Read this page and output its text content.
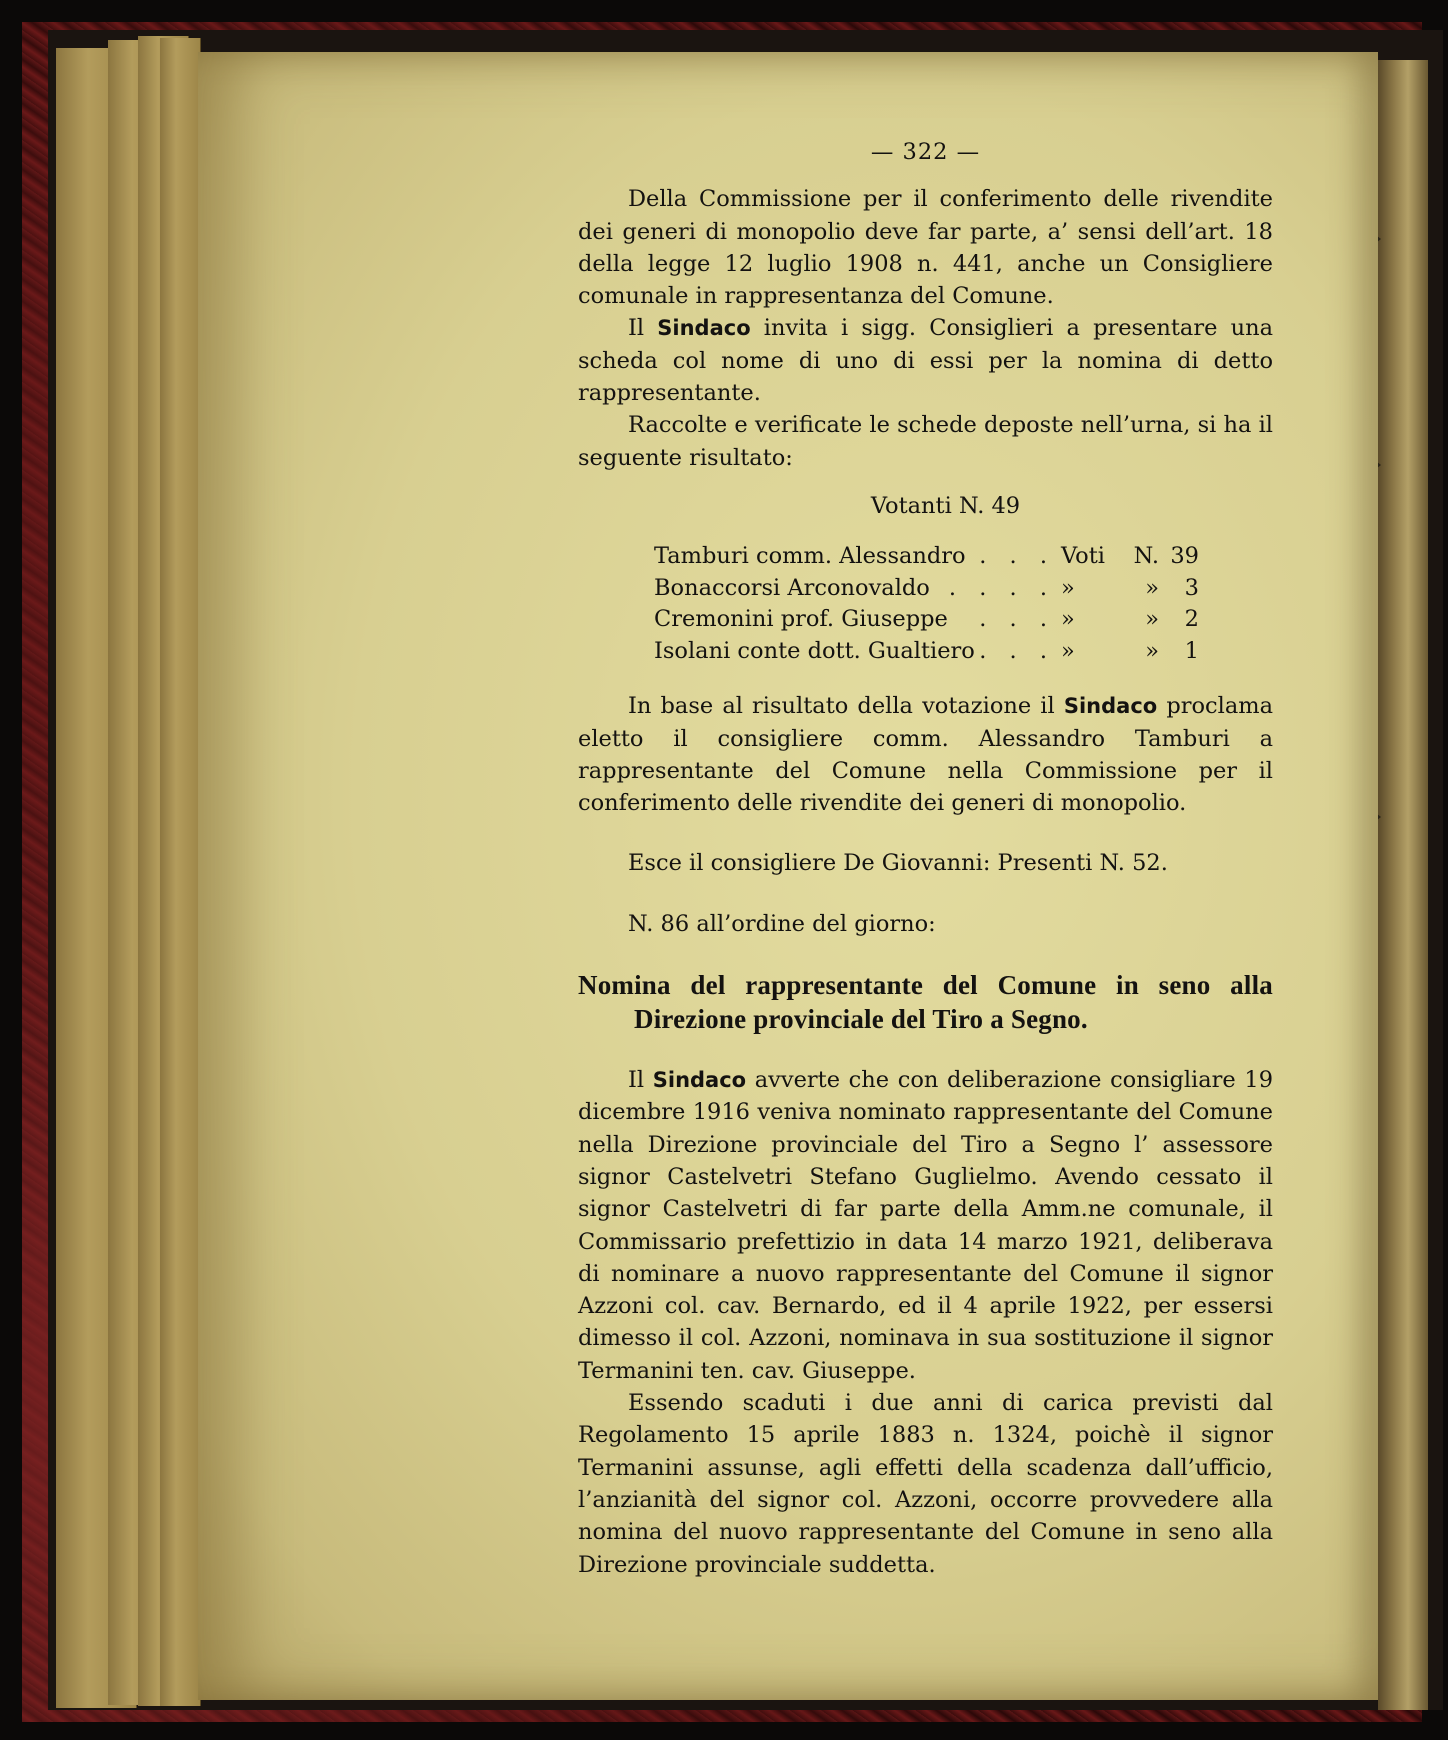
— 322 —

Della Commissione per il conferimento delle rivendite dei generi di monopolio deve far parte, a’ sensi dell’art. 18 della legge 12 luglio 1908 n. 441, anche un Consigliere comunale in rappresentanza del Comune.

Il Sindaco invita i sigg. Consiglieri a presentare una scheda col nome di uno di essi per la nomina di detto rappresentante.

Raccolte e verificate le schede deposte nell’urna, si ha il seguente risultato:

Votanti N. 49
Tamburi comm. Alessandro . . . Voti N. 39
Bonaccorsi Arconovaldo . . . . »	»	3
Cremonini prof. Giuseppe	. . . »	»	2
Isolani conte dott. Gualtiero . . . »	»	1

In base al risultato della votazione il Sindaco proclama eletto il consigliere comm. Alessandro Tamburi a rappresentante del Comune nella Commissione per il conferimento delle rivendite dei generi di monopolio.

Esce il consigliere De Giovanni: Presenti N. 52.

N. 86 all’ordine del giorno:

Nomina del rappresentante del Comune in seno alla Direzione provinciale del Tiro a Segno.

Il Sindaco avverte che con deliberazione consigliare 19 dicembre 1916 veniva nominato rappresentante del Comune nella Direzione provinciale del Tiro a Segno l’ assessore signor Castelvetri Stefano Guglielmo. Avendo cessato il signor Castelvetri di far parte della Amm.ne comunale, il Commissario prefettizio in data 14 marzo 1921, deliberava di nominare a nuovo rappresentante del Comune il signor Azzoni col. cav. Bernardo, ed il 4 aprile 1922, per essersi dimesso il col. Azzoni, nominava in sua sostituzione il signor Termanini ten. cav. Giuseppe.

Essendo scaduti i due anni di carica previsti dal Regolamento 15 aprile 1883 n. 1324, poichè il signor Termanini assunse, agli effetti della scadenza dall’ufficio, l’anzianità del signor col. Azzoni, occorre provvedere alla nomina del nuovo rappresentante del Comune in seno alla Direzione provinciale suddetta.
